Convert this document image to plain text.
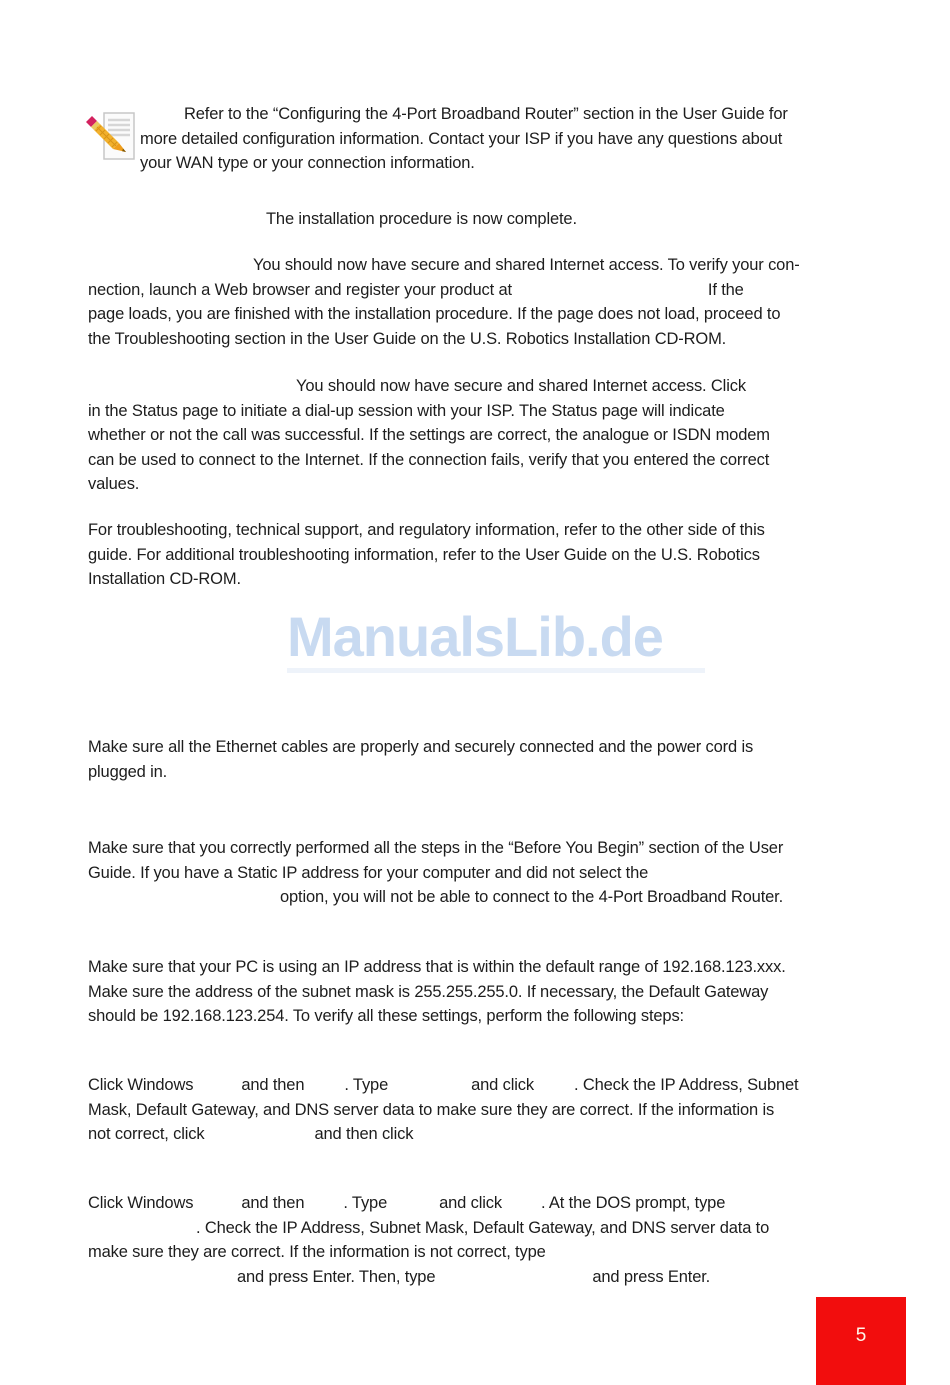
Refer to the “Configuring the 4-Port Broadband Router” section in the User Guide for
more detailed configuration information. Contact your ISP if you have any questions about
your WAN type or your connection information.
The installation procedure is now complete.
You should now have secure and shared Internet access. To verify your con-
nection, launch a Web browser and register your product at	If the
page loads, you are finished with the installation procedure. If the page does not load, proceed to
the Troubleshooting section in the User Guide on the U.S. Robotics Installation CD-ROM.
You should now have secure and shared Internet access. Click
in the Status page to initiate a dial-up session with your ISP. The Status page will indicate
whether or not the call was successful. If the settings are correct, the analogue or ISDN modem
can be used to connect to the Internet. If the connection fails, verify that you entered the correct
values.
For troubleshooting, technical support, and regulatory information, refer to the other side of this
guide. For additional troubleshooting information, refer to the User Guide on the U.S. Robotics
Installation CD-ROM.
ManualsLib.de
Make sure all the Ethernet cables are properly and securely connected and the power cord is
plugged in.
Make sure that you correctly performed all the steps in the “Before You Begin” section of the User
Guide. If you have a Static IP address for your computer and did not select the
option, you will not be able to connect to the 4-Port Broadband Router.
Make sure that your PC is using an IP address that is within the default range of 192.168.123.xxx.
Make sure the address of the subnet mask is 255.255.255.0. If necessary, the Default Gateway
should be 192.168.123.254. To verify all these settings, perform the following steps:
Click Windows	and then . Type	and click . Check the IP Address, Subnet
Mask, Default Gateway, and DNS server data to make sure they are correct. If the information is
not correct, click	and then click
Click Windows	and then . Type	and click . At the DOS prompt, type
. Check the IP Address, Subnet Mask, Default Gateway, and DNS server data to
make sure they are correct. If the information is not correct, type
and press Enter. Then, type	and press Enter.
5
